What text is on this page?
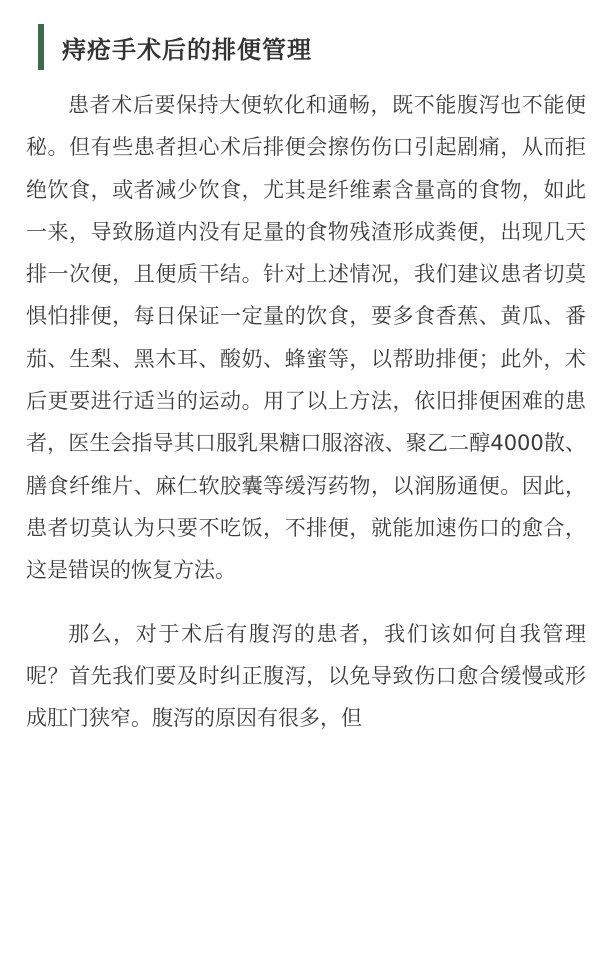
痔疮手术后的排便管理

患者术后要保持大便软化和通畅，既不能腹泻也不能便秘。但有些患者担心术后排便会擦伤伤口引起剧痛，从而拒绝饮食，或者减少饮食，尤其是纤维素含量高的食物，如此一来，导致肠道内没有足量的食物残渣形成粪便，出现几天排一次便，且便质干结。针对上述情况，我们建议患者切莫惧怕排便，每日保证一定量的饮食，要多食香蕉、黄瓜、番茄、生梨、黑木耳、酸奶、蜂蜜等，以帮助排便；此外，术后更要进行适当的运动。用了以上方法，依旧排便困难的患者，医生会指导其口服乳果糖口服溶液、聚乙二醇4000散、膳食纤维片、麻仁软胶囊等缓泻药物，以润肠通便。因此，患者切莫认为只要不吃饭，不排便，就能加速伤口的愈合，这是错误的恢复方法。

那么，对于术后有腹泻的患者，我们该如何自我管理呢？首先我们要及时纠正腹泻，以免导致伤口愈合缓慢或形成肛门狭窄。腹泻的原因有很多，但
